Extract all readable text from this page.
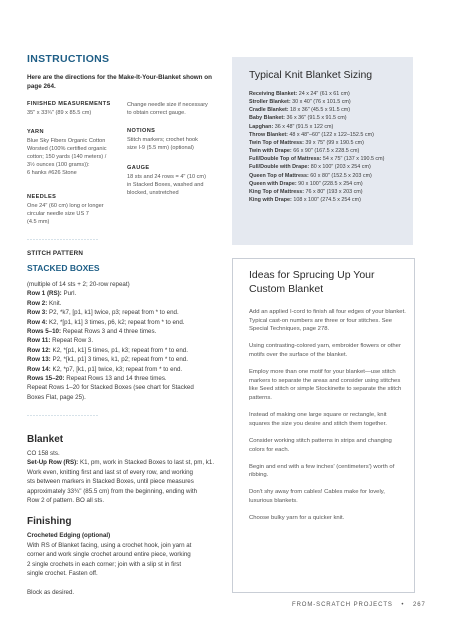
INSTRUCTIONS
Here are the directions for the Make-It-Your-Blanket shown on page 264.
FINISHED MEASUREMENTS
35" x 33¾" (89 x 85.5 cm)
YARN
Blue Sky Fibers Organic Cotton
Worsted (100% certified organic
cotton; 150 yards (140 meters) /
3½ ounces (100 grams)):
6 hanks #626 Stone
NEEDLES
One 24" (60 cm) long or longer
circular needle size US 7
(4.5 mm)
························
Change needle size if necessary
to obtain correct gauge.
NOTIONS
Stitch markers; crochet hook
size I-9 (5.5 mm) (optional)
GAUGE
18 sts and 24 rows = 4" (10 cm)
in Stacked Boxes, washed and
blocked, unstretched
STITCH PATTERN
STACKED BOXES
(multiple of 14 sts + 2; 20-row repeat)
Row 1 (RS): Purl.
Row 2: Knit.
Row 3: P2, *k7, [p1, k1] twice, p3; repeat from * to end.
Row 4: K2, *[p1, k1] 3 times, p6, k2; repeat from * to end.
Rows 5–10: Repeat Rows 3 and 4 three times.
Row 11: Repeat Row 3.
Row 12: K2, *[p1, k1] 5 times, p1, k3; repeat from * to end.
Row 13: P2, *[k1, p1] 3 times, k1, p2; repeat from * to end.
Row 14: K2, *p7, [k1, p1] twice, k3; repeat from * to end.
Rows 15–20: Repeat Rows 13 and 14 three times.
Repeat Rows 1–20 for Stacked Boxes (see chart for Stacked
Boxes Flat, page 25).
························
Blanket
CO 158 sts.
Set-Up Row (RS): K1, pm, work in Stacked Boxes to last st, pm, k1.
Work even, knitting first and last st of every row, and working
sts between markers in Stacked Boxes, until piece measures
approximately 33¾" (85.5 cm) from the beginning, ending with
Row 2 of pattern. BO all sts.
Finishing
Crocheted Edging (optional)
With RS of Blanket facing, using a crochet hook, join yarn at
corner and work single crochet around entire piece, working
2 single crochets in each corner; join with a slip st in first
single crochet. Fasten off.
Block as desired.
Typical Knit Blanket Sizing
Receiving Blanket: 24 x 24" (61 x 61 cm)
Stroller Blanket: 30 x 40" (76 x 101.5 cm)
Cradle Blanket: 18 x 36" (45.5 x 91.5 cm)
Baby Blanket: 36 x 36" (91.5 x 91.5 cm)
Lapghan: 36 x 48" (91.5 x 122 cm)
Throw Blanket: 48 x 48"–60" (122 x 122–152.5 cm)
Twin Top of Mattress: 39 x 75" (99 x 190.5 cm)
Twin with Drape: 66 x 90" (167.5 x 228.5 cm)
Full/Double Top of Mattress: 54 x 75" (137 x 190.5 cm)
Full/Double with Drape: 80 x 100" (203 x 254 cm)
Queen Top of Mattress: 60 x 80" (152.5 x 203 cm)
Queen with Drape: 90 x 100" (228.5 x 254 cm)
King Top of Mattress: 76 x 80" (193 x 203 cm)
King with Drape: 108 x 100" (274.5 x 254 cm)
Ideas for Sprucing Up Your Custom Blanket

Add an applied I-cord to finish all four edges of your blanket. Typical cast-on numbers are three or four stitches. See Special Techniques, page 278.

Using contrasting-colored yarn, embroider flowers or other motifs over the surface of the blanket.

Employ more than one motif for your blanket—use stitch markers to separate the areas and consider using stitches like Seed stitch or simple Stockinette to separate the stitch patterns.

Instead of making one large square or rectangle, knit squares the size you desire and stitch them together.

Consider working stitch patterns in strips and changing colors for each.

Begin and end with a few inches' (centimeters') worth of ribbing.

Don't shy away from cables! Cables make for lovely, luxurious blankets.

Choose bulky yarn for a quicker knit.

FROM-SCRATCH PROJECTS • 267
